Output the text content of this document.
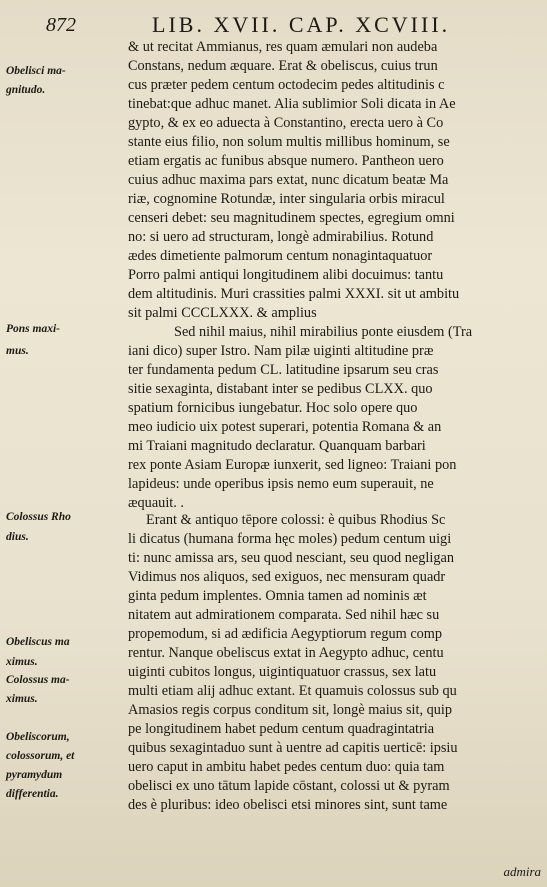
872	LIB. XVII. CAP. XCVIII.
Obelisci ma-
gnitudo.
Pons maxi-
mus.
Colossus Rho
dius.
Obeliscus ma
ximus.
Colossus ma-
ximus.
Obeliscorum,
colossorum, et
pyramydum
differentia.
& ut recitat Ammianus, res quam æmulari non audeba
Constans, nedum æquare. Erat & obeliscus, cuius trun
cus præter pedem centum octodecim pedes altitudinis c
tinebat:que adhuc manet. Alia sublimior Soli dicata in Ae
gypto, & ex eo aduecta à Constantino, erecta uero à Co
stante eius filio, non solum multis millibus hominum, se
etiam ergatis ac funibus absque numero. Pantheon uero
cuius adhuc maxima pars extat, nunc dicatum beatæ Ma
riæ, cognomine Rotundæ, inter singularia orbis miracul
censeri debet: seu magnitudinem spectes, egregium omni
no: si uero ad structuram, longè admirabilius. Rotund
ædes dimetiente palmorum centum nonagintaquatuor
Porro palmi antiqui longitudinem alibi docuimus: tantu
dem altitudinis. Muri crassities palmi XXXI. sit ut ambitu
sit palmi CCCLXXX. & amplius
Sed nihil maius, nihil mirabilius ponte eiusdem (Tra
iani dico) super Istro. Nam pilæ uiginti altitudine præ
ter fundamenta pedum CL. latitudine ipsarum seu cras
sitie sexaginta, distabant inter se pedibus CLXX. quo
spatium fornicibus iungebatur. Hoc solo opere quo
meo iudicio uix potest superari, potentia Romana & an
mi Traiani magnitudo declaratur. Quanquam barbari
rex ponte Asiam Europæ iunxerit, sed ligneo: Traiani pon
lapideus: unde operibus ipsis nemo eum superauit, ne
æquauit. .
Erant & antiquo tēpore colossi: è quibus Rhodius Sc
li dicatus (humana forma hęc moles) pedum centum uigi
ti: nunc amissa ars, seu quod nesciant, seu quod negligan
Vidimus nos aliquos, sed exiguos, nec mensuram quadr
ginta pedum implentes. Omnia tamen ad nominis æt
nitatem aut admirationem comparata. Sed nihil hæc su
propemodum, si ad ædificia Aegyptiorum regum comp
rentur. Nanque obeliscus extat in Aegypto adhuc, centu
uiginti cubitos longus, uigintiquatuor crassus, sex latu
multi etiam alij adhuc extant. Et quamuis colossus sub qu
Amasios regis corpus conditum sit, longè maius sit, quip
pe longitudinem habet pedum centum quadragintatria
quibus sexagintaduo sunt à uentre ad capitis uerticē: ipsiu
uero caput in ambitu habet pedes centum duo: quia tam
obelisci ex uno tātum lapide cōstant, colossi ut & pyram
des è pluribus: ideo obelisci etsi minores sint, sunt tame
admira
